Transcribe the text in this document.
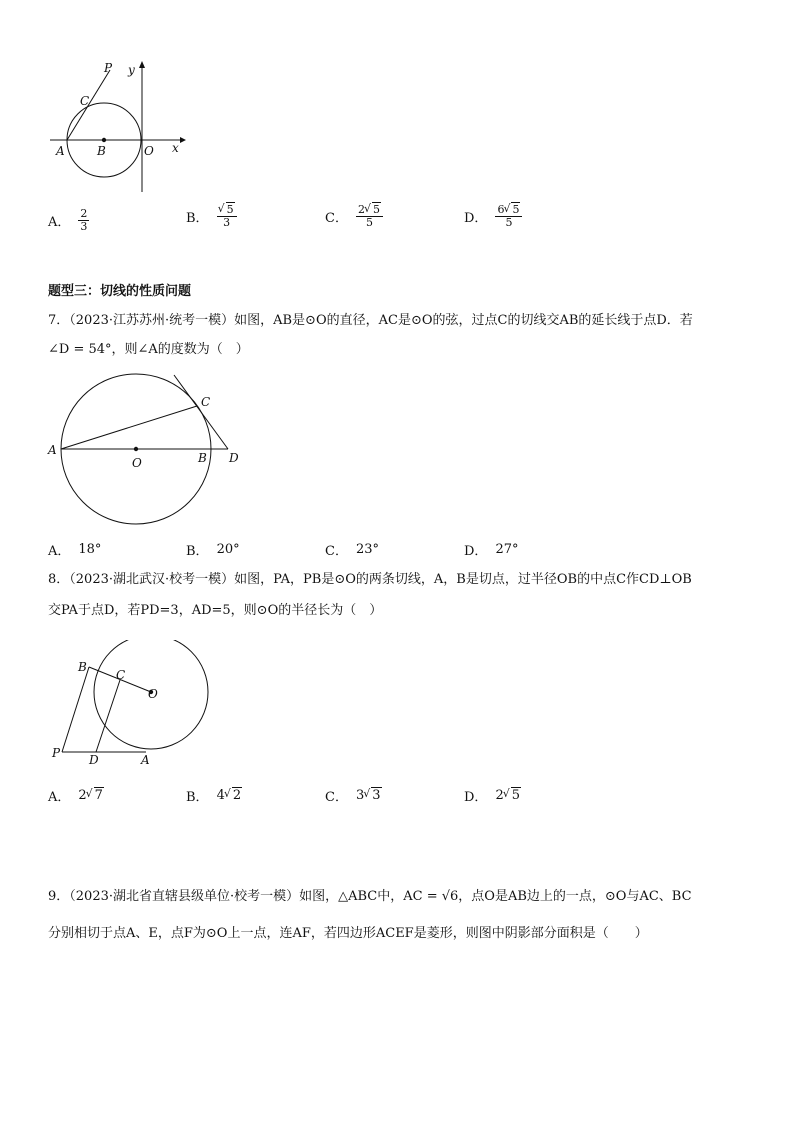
P y
C
A	B	O x
A． $\frac{2}{3}$	B． √ $\frac{5}{3}$	C． $\frac{2 √ 5}{5}$	D． $\frac{6 √ 5}{5}$
题型三：切线的性质问题
7．（2023·江苏苏州·统考一模）如图，AB是⊙O的直径，AC是⊙O的弦，过点C的切线交AB的延长线于点D．若
∠D = 54°，则∠A的度数为（　）
A
C
O	B D
A． 18°	B． 20°	C． 23°	D． 27°
8．（2023·湖北武汉·校考一模）如图，PA，PB是⊙O的两条切线，A，B是切点，过半径OB的中点C作CD⊥OB
交PA于点D，若PD=3，AD=5，则⊙O的半径长为（　）
B
C
O
P D	A
A． 2 √ 7	B． 4 √ 2	C． 3 √ 3	D． 2 √ 5
9．（2023·湖北省直辖县级单位·校考一模）如图，△ABC中，AC = √6，点O是AB边上的一点，⊙O与AC、BC
分别相切于点A、E，点F为⊙O上一点，连AF，若四边形ACEF是菱形，则图中阴影部分面积是（　　）
